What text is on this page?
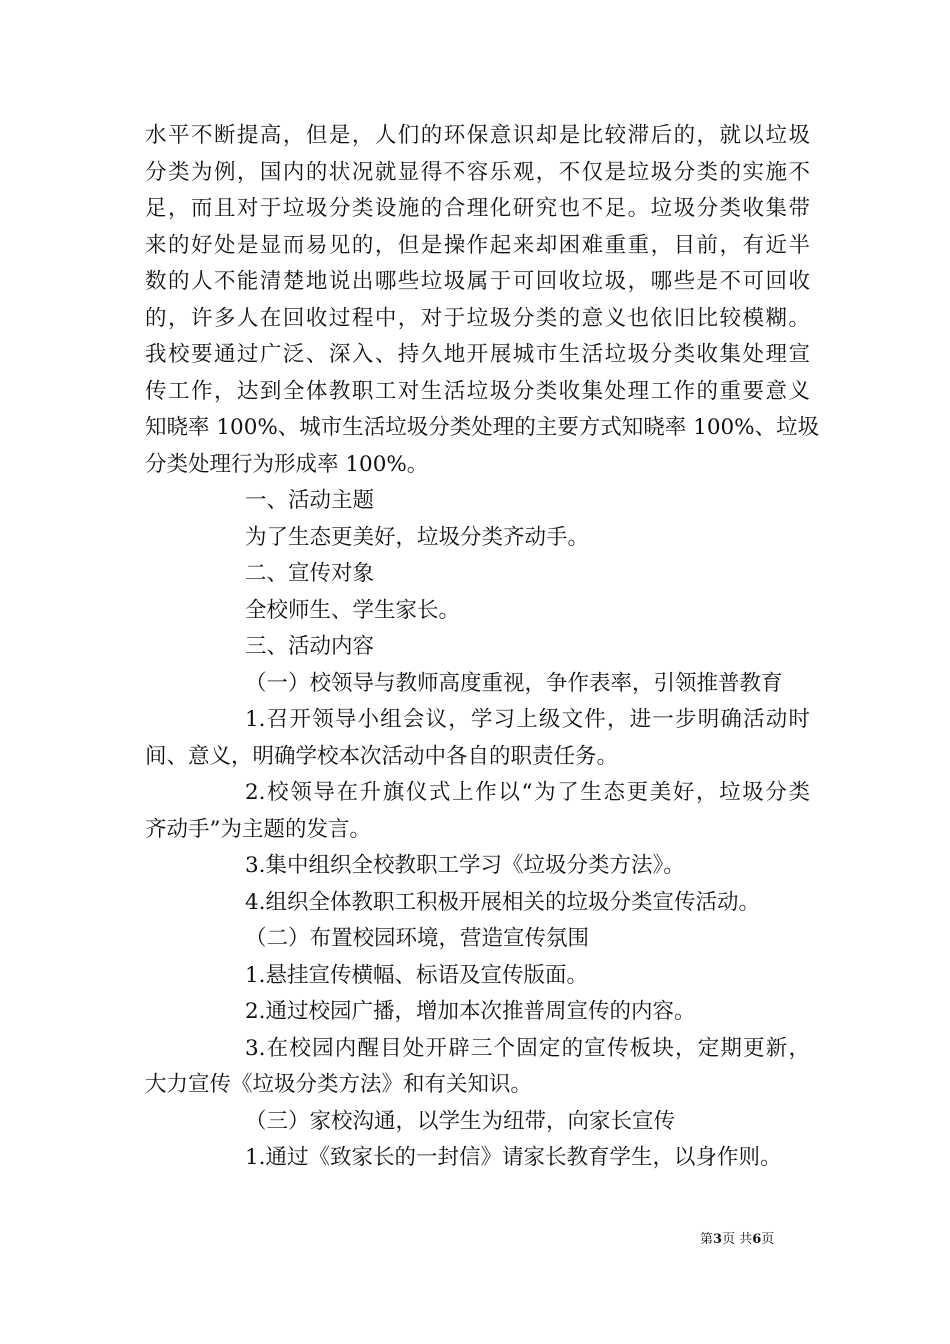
水平不断提高，但是，人们的环保意识却是比较滞后的，就以垃圾
分类为例，国内的状况就显得不容乐观，不仅是垃圾分类的实施不
足，而且对于垃圾分类设施的合理化研究也不足。垃圾分类收集带
来的好处是显而易见的，但是操作起来却困难重重，目前，有近半
数的人不能清楚地说出哪些垃圾属于可回收垃圾，哪些是不可回收
的，许多人在回收过程中，对于垃圾分类的意义也依旧比较模糊。
我校要通过广泛、深入、持久地开展城市生活垃圾分类收集处理宣
传工作，达到全体教职工对生活垃圾分类收集处理工作的重要意义
知晓率 100%、城市生活垃圾分类处理的主要方式知晓率 100%、垃圾
分类处理行为形成率 100%。
一、活动主题
为了生态更美好，垃圾分类齐动手。
二、宣传对象
全校师生、学生家长。
三、活动内容
（一）校领导与教师高度重视，争作表率，引领推普教育
1.召开领导小组会议，学习上级文件，进一步明确活动时
间、意义，明确学校本次活动中各自的职责任务。
2.校领导在升旗仪式上作以“为了生态更美好，垃圾分类
齐动手”为主题的发言。
3.集中组织全校教职工学习《垃圾分类方法》。
4.组织全体教职工积极开展相关的垃圾分类宣传活动。
（二）布置校园环境，营造宣传氛围
1.悬挂宣传横幅、标语及宣传版面。
2.通过校园广播，增加本次推普周宣传的内容。
3.在校园内醒目处开辟三个固定的宣传板块，定期更新，
大力宣传《垃圾分类方法》和有关知识。
（三）家校沟通，以学生为纽带，向家长宣传
1.通过《致家长的一封信》请家长教育学生，以身作则。
第3页 共6页
